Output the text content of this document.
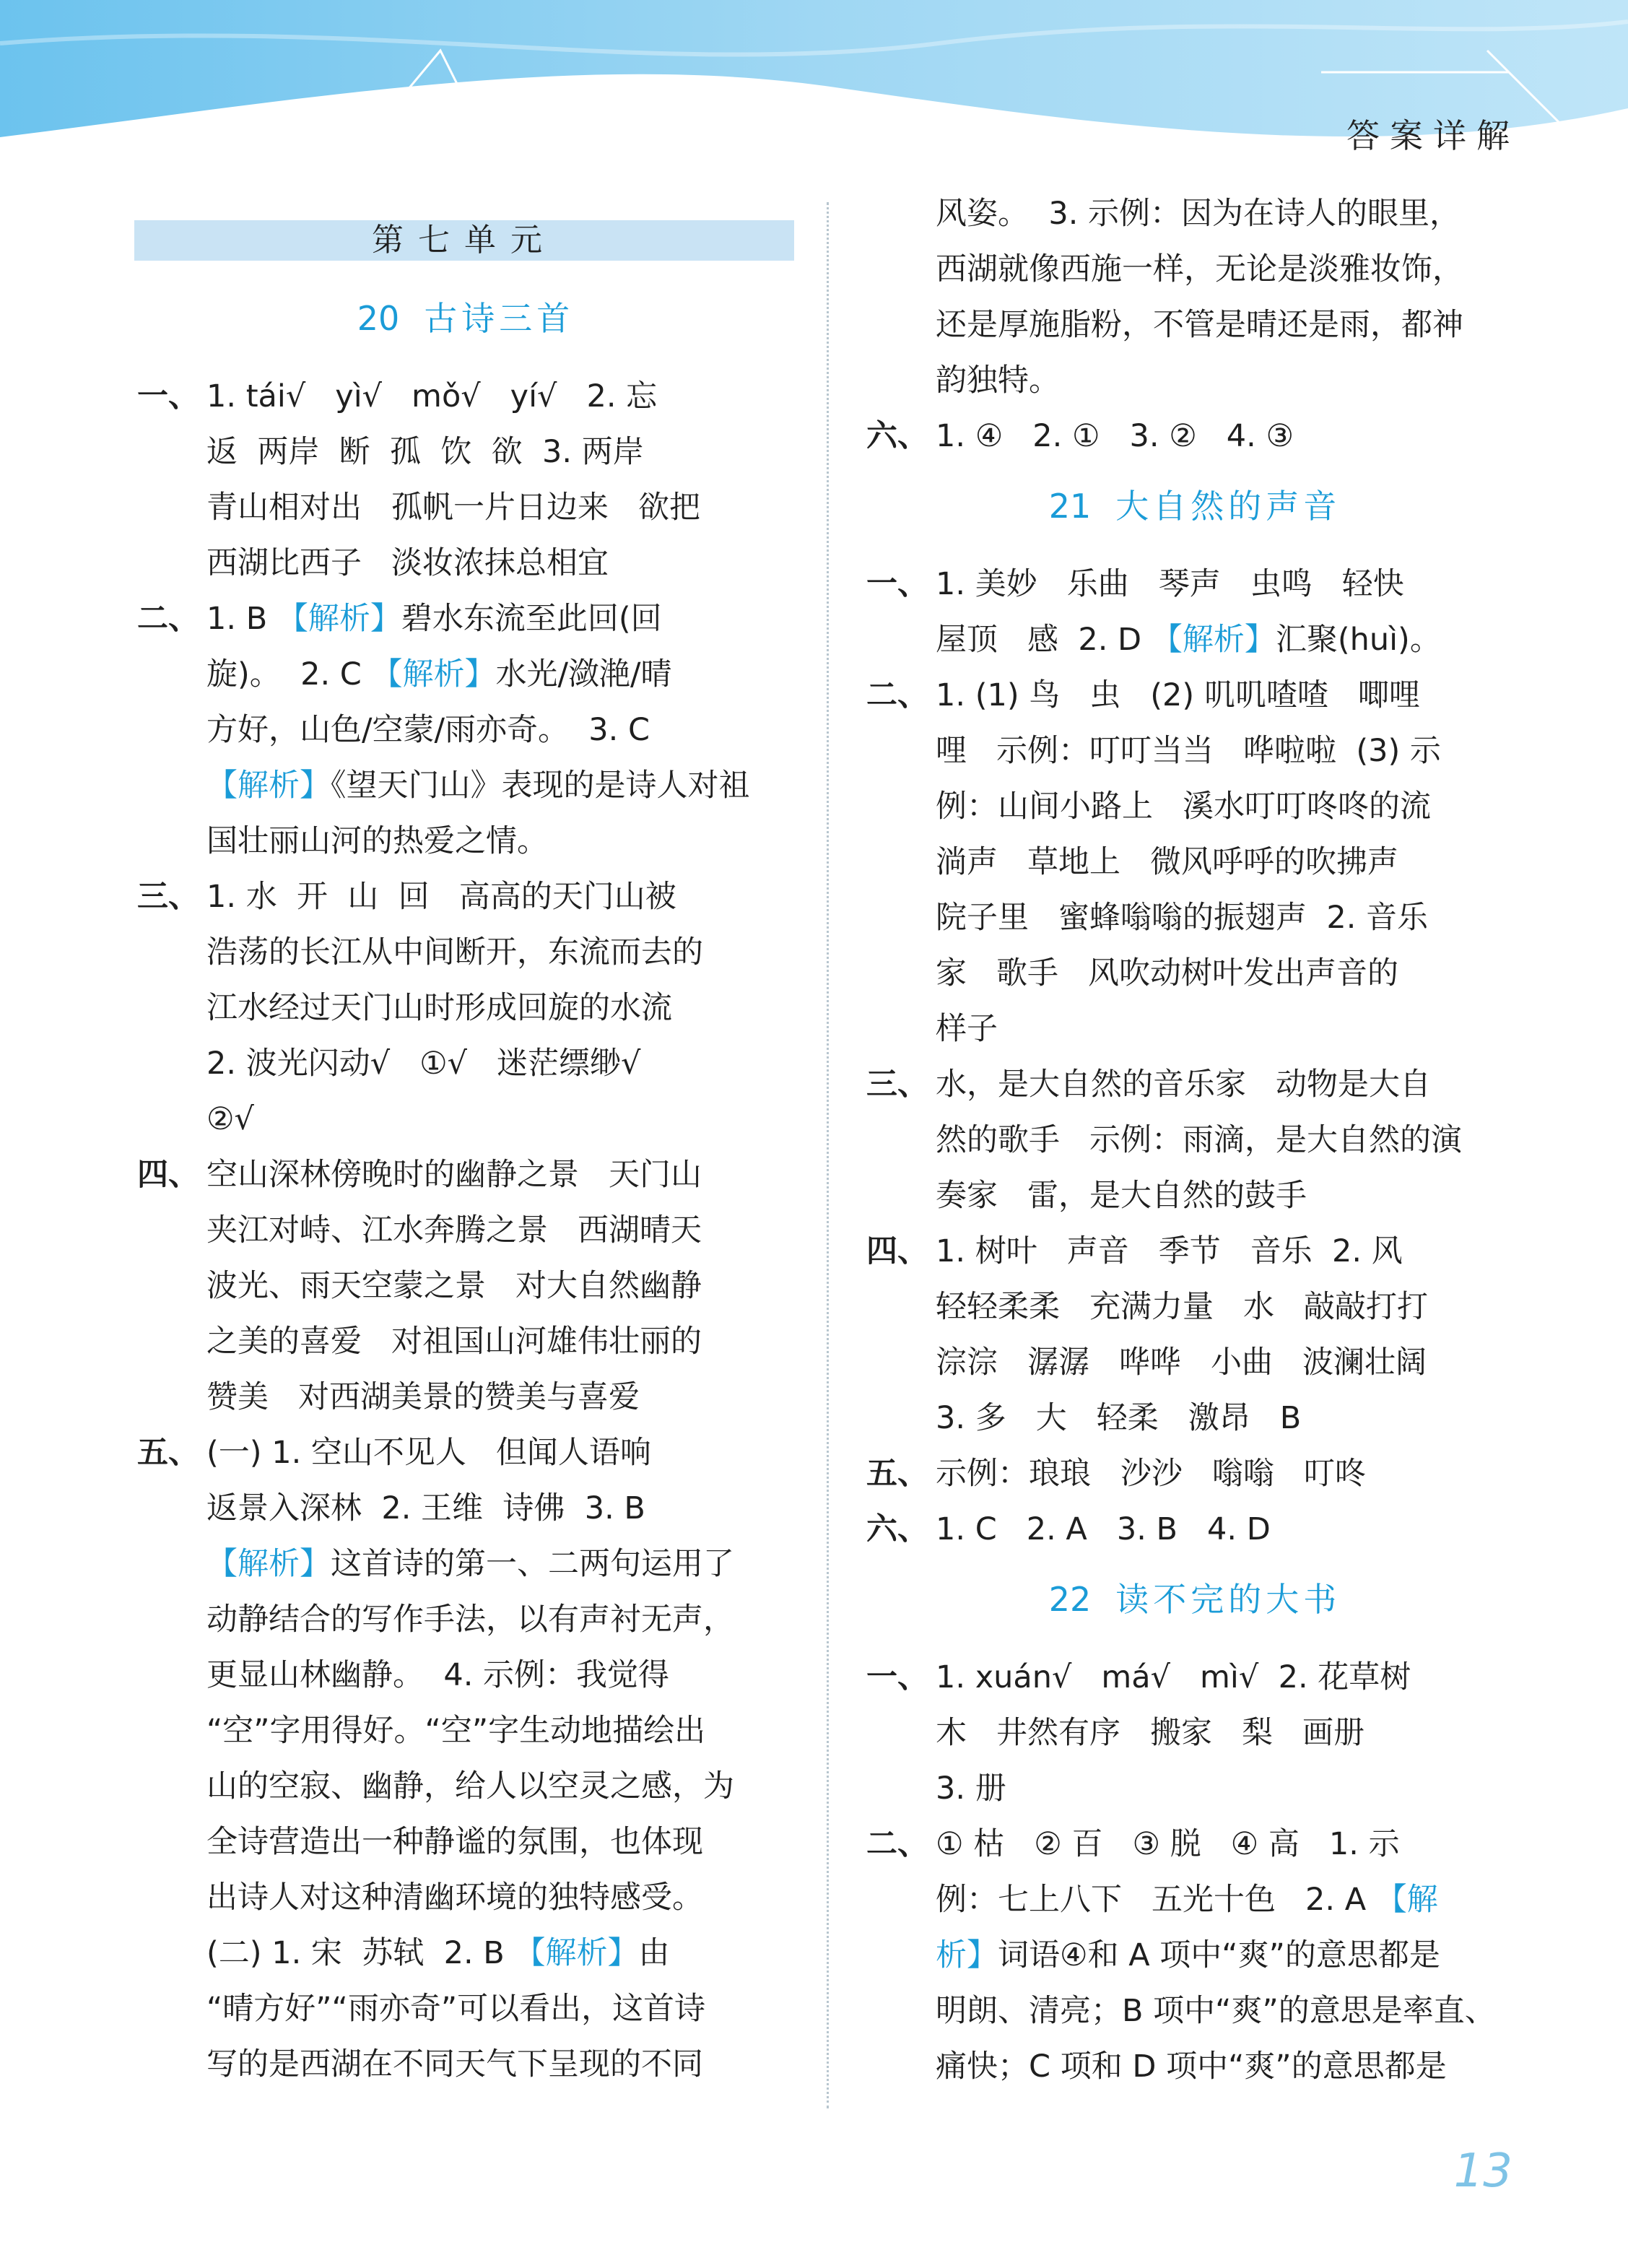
答案详解
第七单元
20 古诗三首
一、 1. tái√   yì√   mǒ√   yí√   2. 忘

返  两岸  断  孤  饮  欲  3. 两岸

青山相对出   孤帆一片日边来   欲把

西湖比西子   淡妆浓抹总相宜

二、 1. B 【解析】碧水东流至此回(回

旋)。  2. C 【解析】水光/潋滟/晴

方好，山色/空蒙/雨亦奇。  3. C

【解析】《望天门山》表现的是诗人对祖

国壮丽山河的热爱之情。

三、 1. 水  开  山  回   高高的天门山被

浩荡的长江从中间断开，东流而去的

江水经过天门山时形成回旋的水流

2. 波光闪动√   ①√   迷茫缥缈√

②√

四、 空山深林傍晚时的幽静之景   天门山

夹江对峙、江水奔腾之景   西湖晴天

波光、雨天空蒙之景   对大自然幽静

之美的喜爱   对祖国山河雄伟壮丽的

赞美   对西湖美景的赞美与喜爱

五、 (一) 1. 空山不见人   但闻人语响

返景入深林  2. 王维  诗佛  3. B

【解析】这首诗的第一、二两句运用了

动静结合的写作手法，以有声衬无声，

更显山林幽静。  4. 示例：我觉得

“空”字用得好。“空”字生动地描绘出

山的空寂、幽静，给人以空灵之感，为

全诗营造出一种静谧的氛围，也体现

出诗人对这种清幽环境的独特感受。

(二) 1. 宋  苏轼  2. B 【解析】由

“晴方好”“雨亦奇”可以看出，这首诗

写的是西湖在不同天气下呈现的不同

风姿。  3. 示例：因为在诗人的眼里，

西湖就像西施一样，无论是淡雅妆饰，

还是厚施脂粉，不管是晴还是雨，都神

韵独特。

六、 1. ④   2. ①   3. ②   4. ③

21 大自然的声音
一、 1. 美妙   乐曲   琴声   虫鸣   轻快

屋顶   感  2. D 【解析】汇聚(huì)。

二、 1. (1) 鸟   虫   (2) 叽叽喳喳   唧哩

哩   示例：叮叮当当   哗啦啦  (3) 示

例：山间小路上   溪水叮叮咚咚的流

淌声   草地上   微风呼呼的吹拂声

院子里   蜜蜂嗡嗡的振翅声  2. 音乐

家   歌手   风吹动树叶发出声音的

样子

三、 水，是大自然的音乐家   动物是大自

然的歌手   示例：雨滴，是大自然的演

奏家   雷，是大自然的鼓手

四、 1. 树叶   声音   季节   音乐  2. 风

轻轻柔柔   充满力量   水   敲敲打打

淙淙   潺潺   哗哗   小曲   波澜壮阔

3. 多   大   轻柔   激昂   B

五、 示例：琅琅   沙沙   嗡嗡   叮咚

六、 1. C   2. A   3. B   4. D

22 读不完的大书
一、 1. xuán√   má√   mì√  2. 花草树

木   井然有序   搬家   梨   画册

3. 册

二、 ① 枯   ② 百   ③ 脱   ④ 高   1. 示

例：七上八下   五光十色   2. A 【解

析】词语④和 A 项中“爽”的意思都是

明朗、清亮；B 项中“爽”的意思是率直、

痛快；C 项和 D 项中“爽”的意思都是

13
